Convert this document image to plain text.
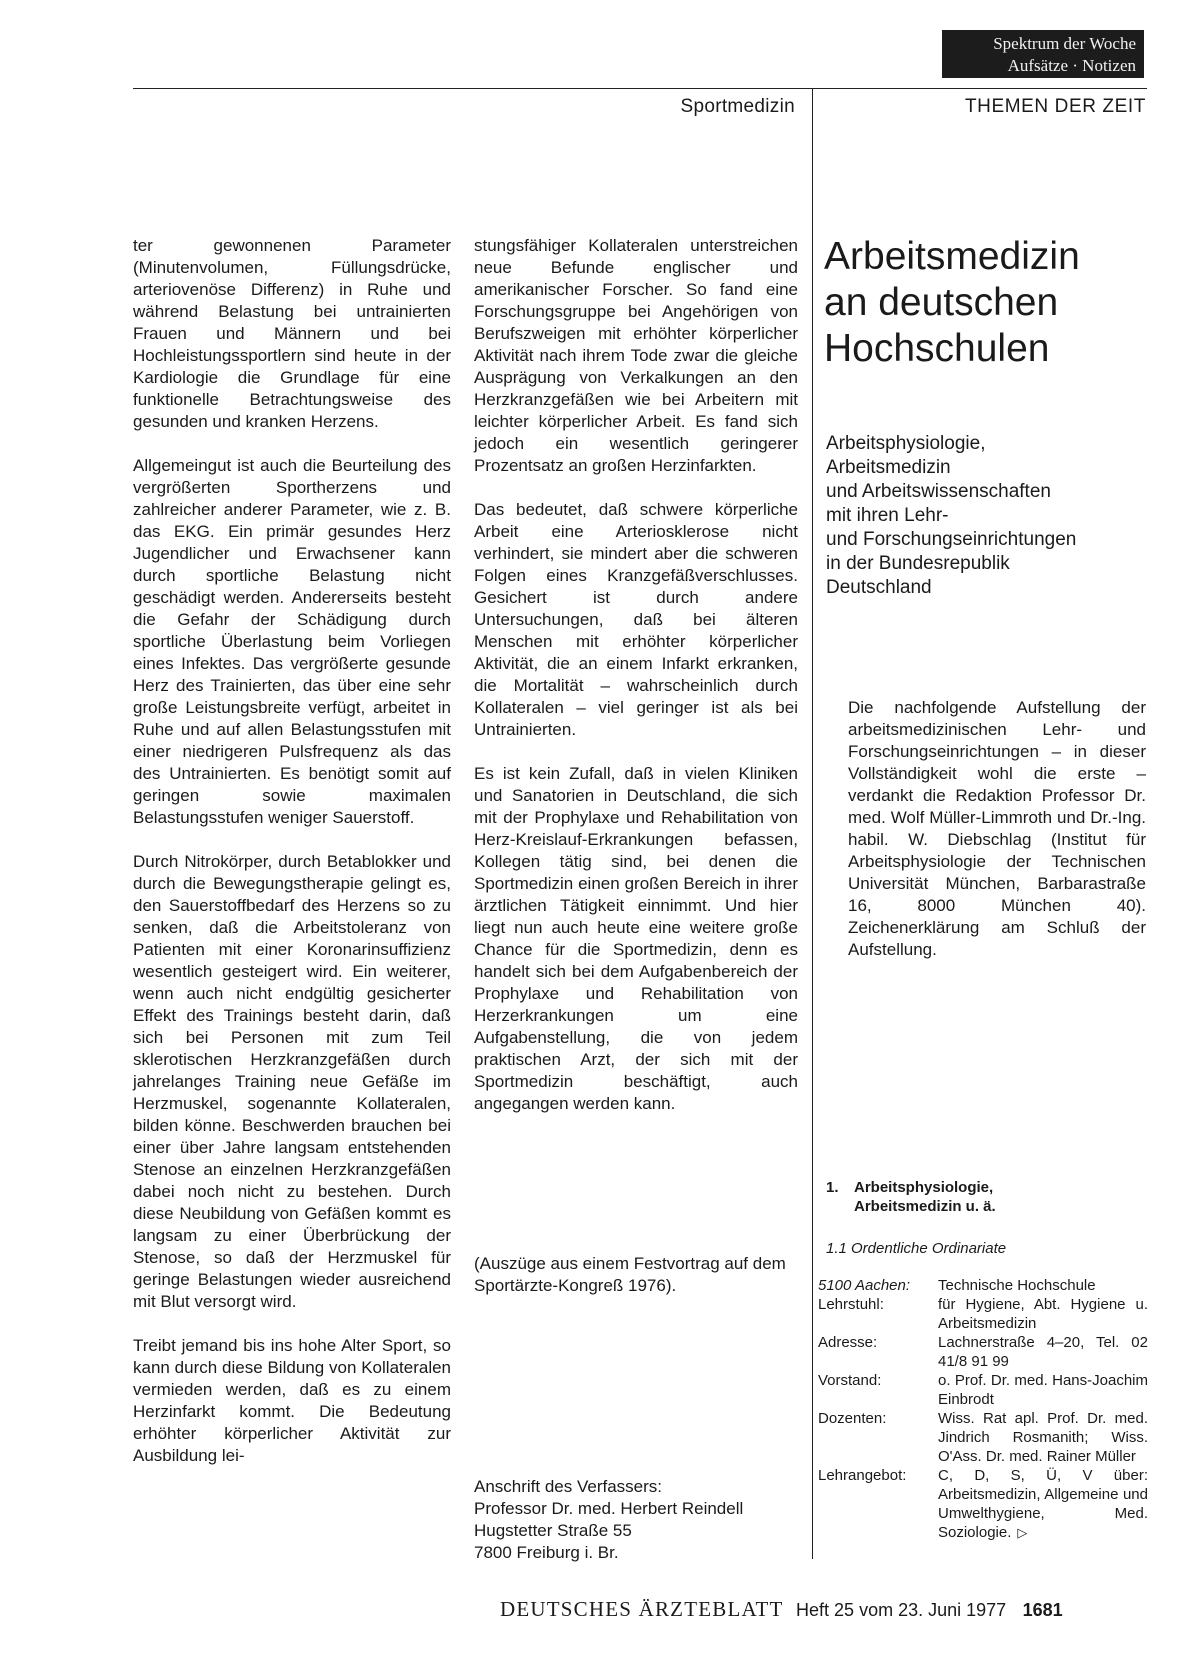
Spektrum der Woche
Aufsätze · Notizen
Sportmedizin	THEMEN DER ZEIT

ter gewonnenen Parameter (Minutenvolumen, Füllungsdrücke, arteriovenöse Differenz) in Ruhe und während Belastung bei untrainierten Frauen und Männern und bei Hochleistungssportlern sind heute in der Kardiologie die Grundlage für eine funktionelle Betrachtungsweise des gesunden und kranken Herzens.

Allgemeingut ist auch die Beurteilung des vergrößerten Sportherzens und zahlreicher anderer Parameter, wie z. B. das EKG. Ein primär gesundes Herz Jugendlicher und Erwachsener kann durch sportliche Belastung nicht geschädigt werden. Andererseits besteht die Gefahr der Schädigung durch sportliche Überlastung beim Vorliegen eines Infektes. Das vergrößerte gesunde Herz des Trainierten, das über eine sehr große Leistungsbreite verfügt, arbeitet in Ruhe und auf allen Belastungsstufen mit einer niedrigeren Pulsfrequenz als das des Untrainierten. Es benötigt somit auf geringen sowie maximalen Belastungsstufen weniger Sauerstoff.

Durch Nitrokörper, durch Betablokker und durch die Bewegungstherapie gelingt es, den Sauerstoffbedarf des Herzens so zu senken, daß die Arbeitstoleranz von Patienten mit einer Koronarinsuffizienz wesentlich gesteigert wird. Ein weiterer, wenn auch nicht endgültig gesicherter Effekt des Trainings besteht darin, daß sich bei Personen mit zum Teil sklerotischen Herzkranzgefäßen durch jahrelanges Training neue Gefäße im Herzmuskel, sogenannte Kollateralen, bilden könne. Beschwerden brauchen bei einer über Jahre langsam entstehenden Stenose an einzelnen Herzkranzgefäßen dabei noch nicht zu bestehen. Durch diese Neubildung von Gefäßen kommt es langsam zu einer Überbrückung der Stenose, so daß der Herzmuskel für geringe Belastungen wieder ausreichend mit Blut versorgt wird.

Treibt jemand bis ins hohe Alter Sport, so kann durch diese Bildung von Kollateralen vermieden werden, daß es zu einem Herzinfarkt kommt. Die Bedeutung erhöhter körperlicher Aktivität zur Ausbildung lei-

stungsfähiger Kollateralen unterstreichen neue Befunde englischer und amerikanischer Forscher. So fand eine Forschungsgruppe bei Angehörigen von Berufszweigen mit erhöhter körperlicher Aktivität nach ihrem Tode zwar die gleiche Ausprägung von Verkalkungen an den Herzkranzgefäßen wie bei Arbeitern mit leichter körperlicher Arbeit. Es fand sich jedoch ein wesentlich geringerer Prozentsatz an großen Herzinfarkten.

Das bedeutet, daß schwere körperliche Arbeit eine Arteriosklerose nicht verhindert, sie mindert aber die schweren Folgen eines Kranzgefäßverschlusses. Gesichert ist durch andere Untersuchungen, daß bei älteren Menschen mit erhöhter körperlicher Aktivität, die an einem Infarkt erkranken, die Mortalität – wahrscheinlich durch Kollateralen – viel geringer ist als bei Untrainierten.

Es ist kein Zufall, daß in vielen Kliniken und Sanatorien in Deutschland, die sich mit der Prophylaxe und Rehabilitation von Herz-Kreislauf-Erkrankungen befassen, Kollegen tätig sind, bei denen die Sportmedizin einen großen Bereich in ihrer ärztlichen Tätigkeit einnimmt. Und hier liegt nun auch heute eine weitere große Chance für die Sportmedizin, denn es handelt sich bei dem Aufgabenbereich der Prophylaxe und Rehabilitation von Herzerkrankungen um eine Aufgabenstellung, die von jedem praktischen Arzt, der sich mit der Sportmedizin beschäftigt, auch angegangen werden kann.

(Auszüge aus einem Festvortrag auf dem Sportärzte-Kongreß 1976).
Anschrift des Verfassers:
Professor Dr. med. Herbert Reindell
Hugstetter Straße 55
7800 Freiburg i. Br.
Arbeitsmedizin
an deutschen
Hochschulen
Arbeitsphysiologie,
Arbeitsmedizin
und Arbeitswissenschaften
mit ihren Lehr-
und Forschungseinrichtungen
in der Bundesrepublik
Deutschland
Die nachfolgende Aufstellung der arbeitsmedizinischen Lehr- und Forschungseinrichtungen – in dieser Vollständigkeit wohl die erste – verdankt die Redaktion Professor Dr. med. Wolf Müller-Limmroth und Dr.-Ing. habil. W. Diebschlag (Institut für Arbeitsphysiologie der Technischen Universität München, Barbarastraße 16, 8000 München 40). Zeichenerklärung am Schluß der Aufstellung.
1. Arbeitsphysiologie,
Arbeitsmedizin u. ä.
1.1 Ordentliche Ordinariate
5100 Aachen:	Technische Hochschule
Lehrstuhl:	für Hygiene, Abt. Hygiene u. Arbeitsmedizin
Adresse:	Lachnerstraße 4–20, Tel. 02 41/8 91 99
Vorstand:	o. Prof. Dr. med. Hans-Joachim Einbrodt
Dozenten:	Wiss. Rat apl. Prof. Dr. med. Jindrich Rosmanith; Wiss. O'Ass. Dr. med. Rainer Müller
Lehrangebot:	C, D, S, Ü, V über: Arbeitsmedizin, Allgemeine und Umwelthygiene, Med. Soziologie. ▷
DEUTSCHES ÄRZTEBLATT Heft 25 vom 23. Juni 1977 1681
